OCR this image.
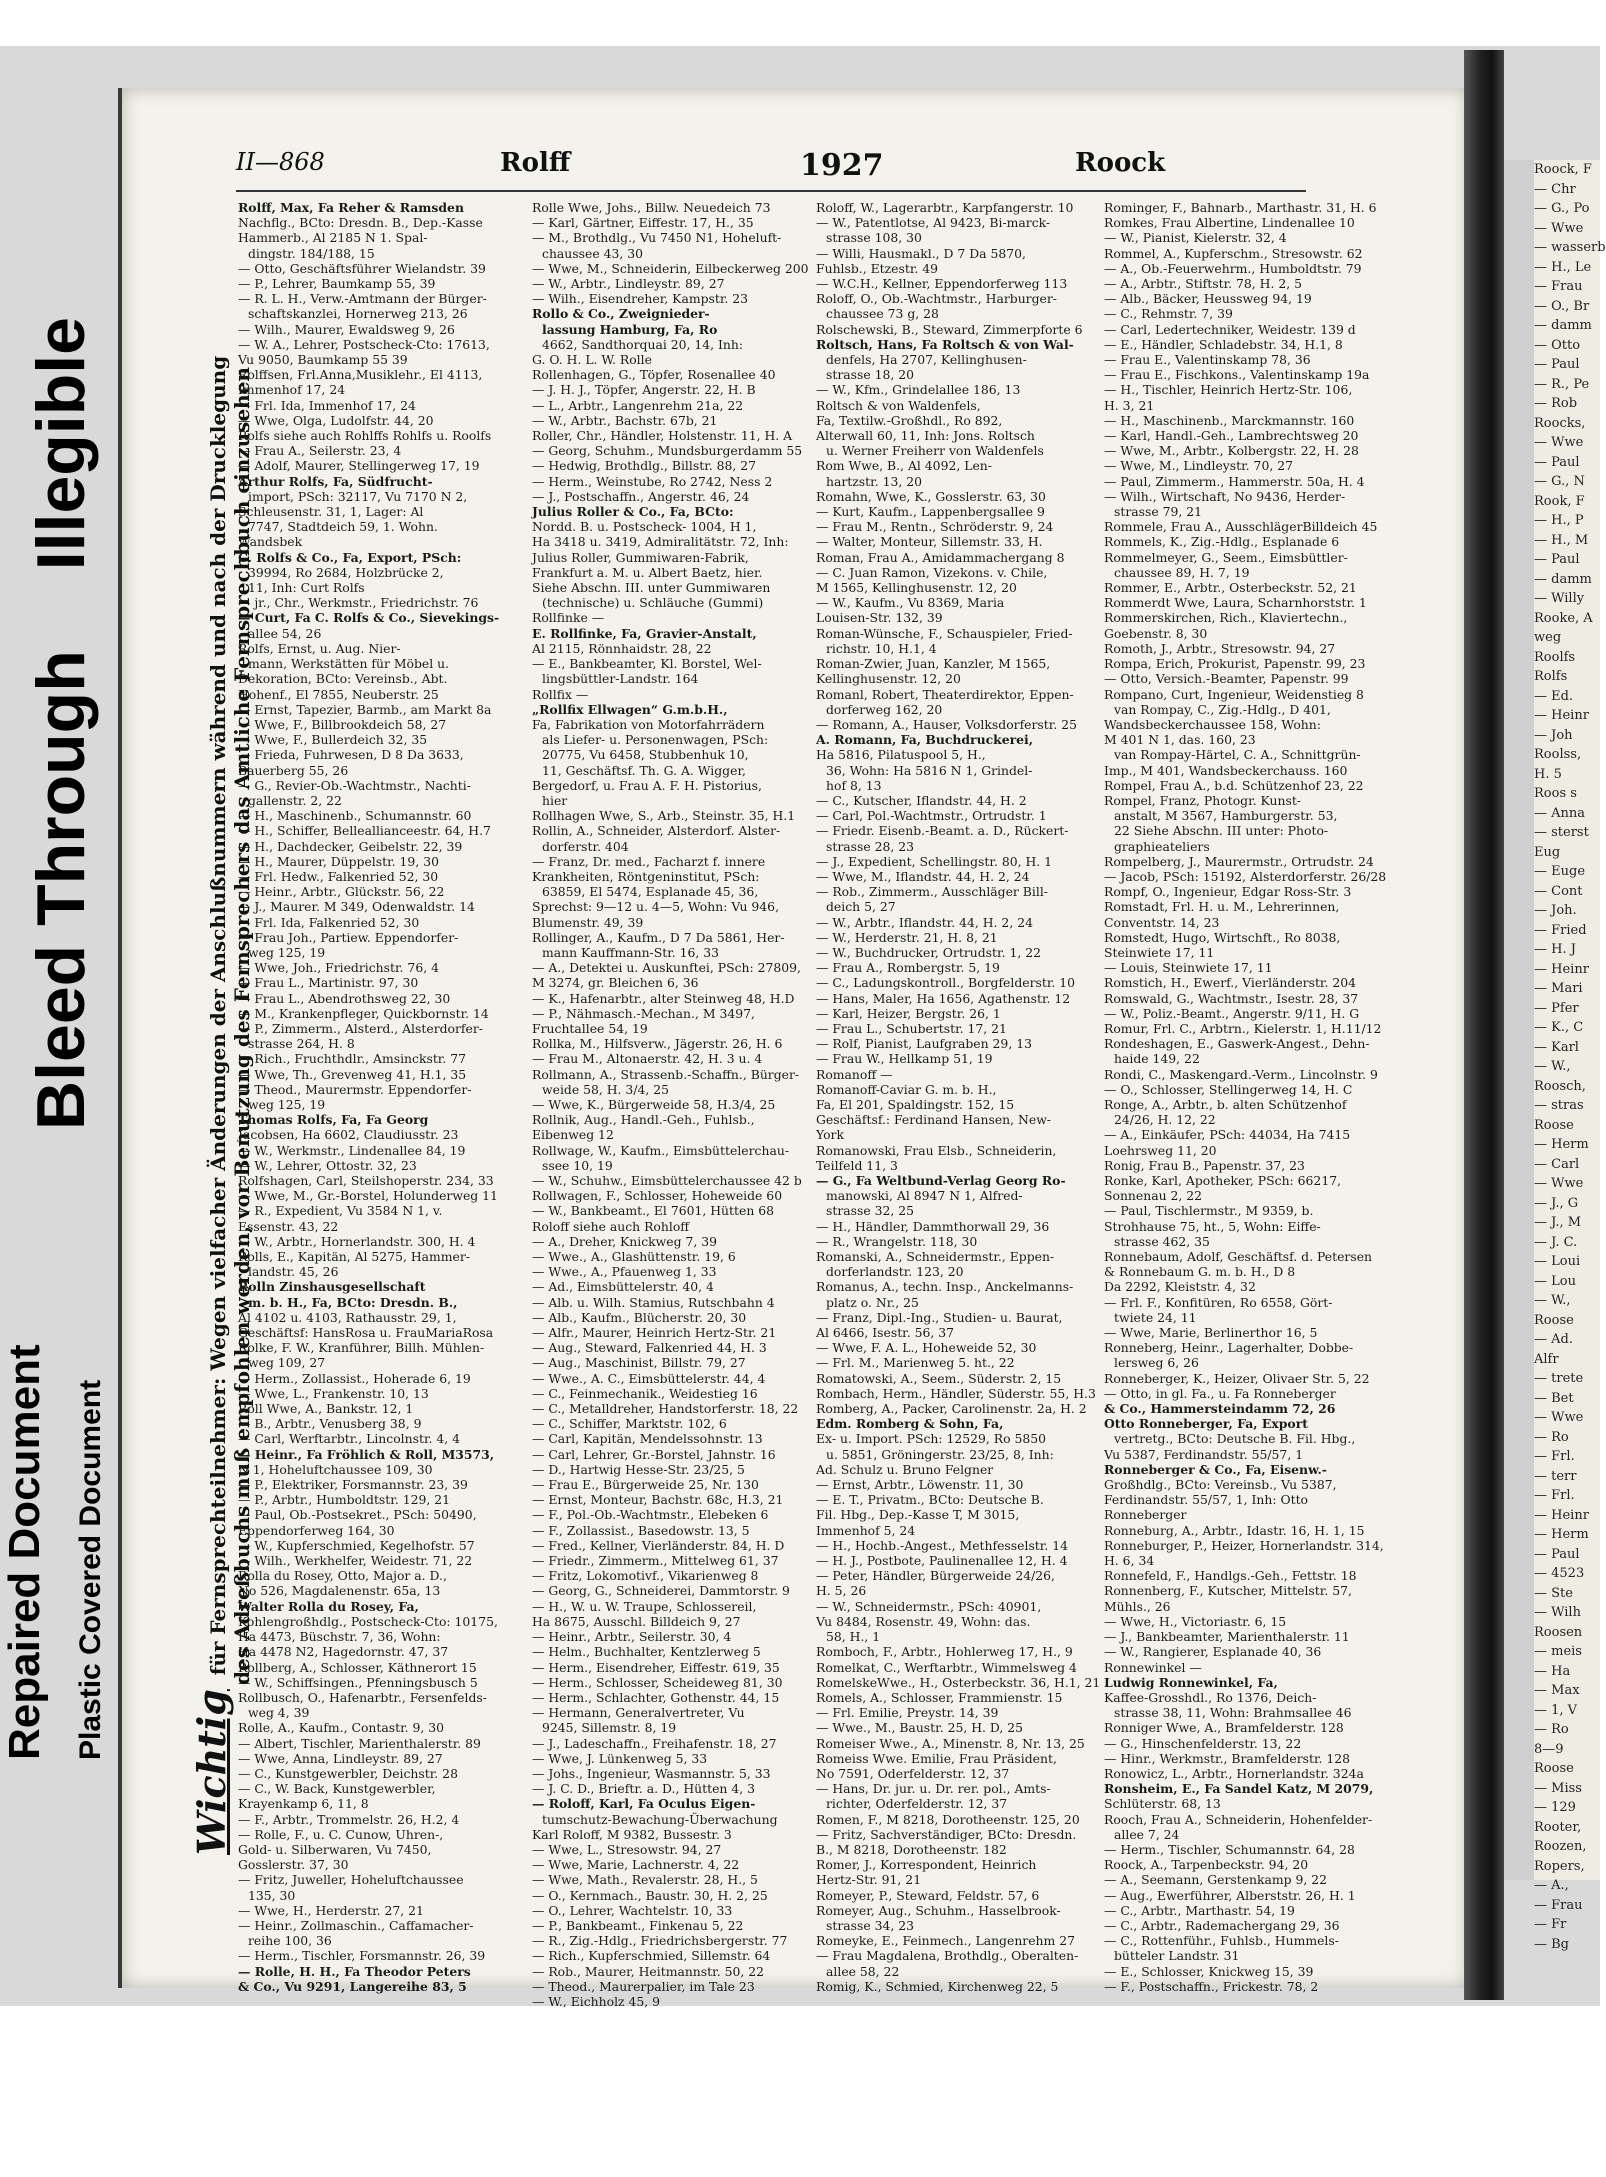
Repaired Document Plastic Covered Document
Bleed ThroughIllegible
Roock, F
— Chr
— G., Po
— Wwe
— wasserb
— H., Le
— Frau
— O., Br
— damm
— Otto
— Paul
— R., Pe
— Rob
Roocks,
— Wwe
— Paul
— G., N
Rook, F
— H., P
— H., M
— Paul
— damm
— Willy
Rooke, A
weg
Roolfs
Rolfs
— Ed.
— Heinr
— Joh
Roolss,
H. 5
Roos s
— Anna
— sterst
Eug
— Euge
— Cont
— Joh.
— Fried
— H. J
— Heinr
— Mari
— Pfer
— K., C
— Karl
— W.,
Roosch,
— stras
Roose
— Herm
— Carl
— Wwe
— J., G
— J., M
— J. C.
— Loui
— Lou
— W.,
Roose
— Ad.
Alfr
— trete
— Bet
— Wwe
— Ro
— Frl.
— terr
— Frl.
— Heinr
— Herm
— Paul
— 4523
— Ste
— Wilh
Roosen
— meis
— Ha
— Max
— 1, V
— Ro
8—9
Roose
— Miss
— 129
Rooter,
Roozen,
Ropers,
— A.,
— Frau
— Fr
— Bg
II—868	Rolff	1927	Roock
Wichtigfür Fernsprechteilnehmer: Wegen vielfacher Änderungen der Anschlußnummern während und nach der Drucklegung
des Adreßbuchs muß empfohlen werden, vor Benutzung des Fernsprechers das Amtliche Fernsprechbuch einzusehen
Rolff, Max, Fa Reher & Ramsden
Nachflg., BCto: Dresdn. B., Dep.-Kasse
Hammerb., Al 2185 N 1. Spal-
dingstr. 184/188, 15
— Otto, Geschäftsführer Wielandstr. 39
— P., Lehrer, Baumkamp 55, 39
— R. L. H., Verw.-Amtmann der Bürger-
schaftskanzlei, Hornerweg 213, 26
— Wilh., Maurer, Ewaldsweg 9, 26
— W. A., Lehrer, Postscheck-Cto: 17613,
Vu 9050, Baumkamp 55 39
Rolffsen, Frl.Anna,Musiklehr., El 4113,
Immenhof 17, 24
— Frl. Ida, Immenhof 17, 24
— Wwe, Olga, Ludolfstr. 44, 20
Rolfs siehe auch Rohlffs Rohlfs u. Roolfs
— Frau A., Seilerstr. 23, 4
— Adolf, Maurer, Stellingerweg 17, 19
Arthur Rolfs, Fa, Südfrucht-
import, PSch: 32117, Vu 7170 N 2,
Schleusenstr. 31, 1, Lager: Al
7747, Stadtdeich 59, 1. Wohn.
Wandsbek
C. Rolfs & Co., Fa, Export, PSch:
39994, Ro 2684, Holzbrücke 2,
11, Inh: Curt Rolfs
— jr., Chr., Werkmstr., Friedrichstr. 76
— Curt, Fa C. Rolfs & Co., Sievekings-
allee 54, 26
Rolfs, Ernst, u. Aug. Nier-
mann, Werkstätten für Möbel u.
Dekoration, BCto: Vereinsb., Abt.
Hohenf., El 7855, Neuberstr. 25
— Ernst, Tapezier, Barmb., am Markt 8a
— Wwe, F., Billbrookdeich 58, 27
— Wwe, F., Bullerdeich 32, 35
— Frieda, Fuhrwesen, D 8 Da 3633,
Bauerberg 55, 26
— G., Revier-Ob.-Wachtmstr., Nachti-
gallenstr. 2, 22
— H., Maschinenb., Schumannstr. 60
— H., Schiffer, Belleallianceestr. 64, H.7
— H., Dachdecker, Geibelstr. 22, 39
— H., Maurer, Düppelstr. 19, 30
— Frl. Hedw., Falkenried 52, 30
— Heinr., Arbtr., Glückstr. 56, 22
— J., Maurer. M 349, Odenwaldstr. 14
— Frl. Ida, Falkenried 52, 30
— Frau Joh., Partiew. Eppendorfer-
weg 125, 19
— Wwe, Joh., Friedrichstr. 76, 4
— Frau L., Martinistr. 97, 30
— Frau L., Abendrothsweg 22, 30
— M., Krankenpfleger, Quickbornstr. 14
— P., Zimmerm., Alsterd., Alsterdorfer-
strasse 264, H. 8
— Rich., Fruchthdlr., Amsinckstr. 77
— Wwe, Th., Grevenweg 41, H.1, 35
— Theod., Maurermstr. Eppendorfer-
weg 125, 19
Thomas Rolfs, Fa, Fa Georg
Jacobsen, Ha 6602, Claudiusstr. 23
— W., Werkmstr., Lindenallee 84, 19
— W., Lehrer, Ottostr. 32, 23
Rolfshagen, Carl, Steilshoperstr. 234, 33
— Wwe, M., Gr.-Borstel, Holunderweg 11
— R., Expedient, Vu 3584 N 1, v.
Essenstr. 43, 22
— W., Arbtr., Hornerlandstr. 300, H. 4
Rolls, E., Kapitän, Al 5275, Hammer-
landstr. 45, 26
Rolln Zinshausgesellschaft
m. b. H., Fa, BCto: Dresdn. B.,
Al 4102 u. 4103, Rathausstr. 29, 1,
Geschäftsf: HansRosa u. FrauMariaRosa
Rolke, F. W., Kranführer, Billh. Mühlen-
weg 109, 27
— Herm., Zollassist., Hoherade 6, 19
— Wwe, L., Frankenstr. 10, 13
Roll Wwe, A., Bankstr. 12, 1
— B., Arbtr., Venusberg 38, 9
— Carl, Werftarbtr., Lincolnstr. 4, 4
— Heinr., Fa Fröhlich & Roll, M3573,
N 1, Hoheluftchaussee 109, 30
— P., Elektriker, Forsmannstr. 23, 39
— P., Arbtr., Humboldtstr. 129, 21
— Paul, Ob.-Postsekret., PSch: 50490,
Eppendorferweg 164, 30
— W., Kupferschmied, Kegelhofstr. 57
— Wilh., Werkhelfer, Weidestr. 71, 22
Rolla du Rosey, Otto, Major a. D.,
No 526, Magdalenenstr. 65a, 13
Walter Rolla du Rosey, Fa,
Kohlengroßhdlg., Postscheck-Cto: 10175,
Ha 4473, Büschstr. 7, 36, Wohn:
Ha 4478 N2, Hagedornstr. 47, 37
Rollberg, A., Schlosser, Käthnerort 15
— W., Schiffsingen., Pfenningsbusch 5
Rollbusch, O., Hafenarbtr., Fersenfelds-
weg 4, 39
Rolle, A., Kaufm., Contastr. 9, 30
— Albert, Tischler, Marienthalerstr. 89
— Wwe, Anna, Lindleystr. 89, 27
— C., Kunstgewerbler, Deichstr. 28
— C., W. Back, Kunstgewerbler,
Krayenkamp 6, 11, 8
— F., Arbtr., Trommelstr. 26, H.2, 4
— Rolle, F., u. C. Cunow, Uhren-,
Gold- u. Silberwaren, Vu 7450,
Gosslerstr. 37, 30
— Fritz, Juweller, Hoheluftchaussee
135, 30
— Wwe, H., Herderstr. 27, 21
— Heinr., Zollmaschin., Caffamacher-
reihe 100, 36
— Herm., Tischler, Forsmannstr. 26, 39
— Rolle, H. H., Fa Theodor Peters
& Co., Vu 9291, Langereihe 83, 5
Rolle Wwe, Johs., Billw. Neuedeich 73
— Karl, Gärtner, Eiffestr. 17, H., 35
— M., Brothdlg., Vu 7450 N1, Hoheluft-
chaussee 43, 30
— Wwe, M., Schneiderin, Eilbeckerweg 200
— W., Arbtr., Lindleystr. 89, 27
— Wilh., Eisendreher, Kampstr. 23
Rollo & Co., Zweignieder-
lassung Hamburg, Fa, Ro
4662, Sandthorquai 20, 14, Inh:
G. O. H. L. W. Rolle
Rollenhagen, G., Töpfer, Rosenallee 40
— J. H. J., Töpfer, Angerstr. 22, H. B
— L., Arbtr., Langenrehm 21a, 22
— W., Arbtr., Bachstr. 67b, 21
Roller, Chr., Händler, Holstenstr. 11, H. A
— Georg, Schuhm., Mundsburgerdamm 55
— Hedwig, Brothdlg., Billstr. 88, 27
— Herm., Weinstube, Ro 2742, Ness 2
— J., Postschaffn., Angerstr. 46, 24
Julius Roller & Co., Fa, BCto:
Nordd. B. u. Postscheck- 1004, H 1,
Ha 3418 u. 3419, Admiralitätstr. 72, Inh:
Julius Roller, Gummiwaren-Fabrik,
Frankfurt a. M. u. Albert Baetz, hier.
Siehe Abschn. III. unter Gummiwaren
(technische) u. Schläuche (Gummi)
Rollfinke —
E. Rollfinke, Fa, Gravier-Anstalt,
Al 2115, Rönnhaidstr. 28, 22
— E., Bankbeamter, Kl. Borstel, Wel-
lingsbüttler-Landstr. 164
Rollfix —
„Rollfix Ellwagen“ G.m.b.H.,
Fa, Fabrikation von Motorfahrrädern
als Liefer- u. Personenwagen, PSch:
20775, Vu 6458, Stubbenhuk 10,
11, Geschäftsf. Th. G. A. Wigger,
Bergedorf, u. Frau A. F. H. Pistorius,
hier
Rollhagen Wwe, S., Arb., Steinstr. 35, H.1
Rollin, A., Schneider, Alsterdorf. Alster-
dorferstr. 404
— Franz, Dr. med., Facharzt f. innere
Krankheiten, Röntgeninstitut, PSch:
63859, El 5474, Esplanade 45, 36,
Sprechst: 9—12 u. 4—5, Wohn: Vu 946,
Blumenstr. 49, 39
Rollinger, A., Kaufm., D 7 Da 5861, Her-
mann Kauffmann-Str. 16, 33
— A., Detektei u. Auskunftei, PSch: 27809,
M 3274, gr. Bleichen 6, 36
— K., Hafenarbtr., alter Steinweg 48, H.D
— P., Nähmasch.-Mechan., M 3497,
Fruchtallee 54, 19
Rollka, M., Hilfsverw., Jägerstr. 26, H. 6
— Frau M., Altonaerstr. 42, H. 3 u. 4
Rollmann, A., Strassenb.-Schaffn., Bürger-
weide 58, H. 3/4, 25
— Wwe, K., Bürgerweide 58, H.3/4, 25
Rollnik, Aug., Handl.-Geh., Fuhlsb.,
Eibenweg 12
Rollwage, W., Kaufm., Eimsbüttelerchau-
ssee 10, 19
— W., Schuhw., Eimsbüttelerchaussee 42 b
Rollwagen, F., Schlosser, Hoheweide 60
— W., Bankbeamt., El 7601, Hütten 68
Roloff siehe auch Rohloff
— A., Dreher, Knickweg 7, 39
— Wwe., A., Glashüttenstr. 19, 6
— Wwe., A., Pfauenweg 1, 33
— Ad., Eimsbüttelerstr. 40, 4
— Alb. u. Wilh. Stamius, Rutschbahn 4
— Alb., Kaufm., Blücherstr. 20, 30
— Alfr., Maurer, Heinrich Hertz-Str. 21
— Aug., Steward, Falkenried 44, H. 3
— Aug., Maschinist, Billstr. 79, 27
— Wwe., A. C., Eimsbüttelerstr. 44, 4
— C., Feinmechanik., Weidestieg 16
— C., Metalldreher, Handstorferstr. 18, 22
— C., Schiffer, Marktstr. 102, 6
— Carl, Kapitän, Mendelssohnstr. 13
— Carl, Lehrer, Gr.-Borstel, Jahnstr. 16
— D., Hartwig Hesse-Str. 23/25, 5
— Frau E., Bürgerweide 25, Nr. 130
— Ernst, Monteur, Bachstr. 68c, H.3, 21
— F., Pol.-Ob.-Wachtmstr., Elebeken 6
— F., Zollassist., Basedowstr. 13, 5
— Fred., Kellner, Vierländerstr. 84, H. D
— Friedr., Zimmerm., Mittelweg 61, 37
— Fritz, Lokomotivf., Vikarienweg 8
— Georg, G., Schneiderei, Dammtorstr. 9
— H., W. u. W. Traupe, Schlossereil,
Ha 8675, Ausschl. Billdeich 9, 27
— Heinr., Arbtr., Seilerstr. 30, 4
— Helm., Buchhalter, Kentzlerweg 5
— Herm., Eisendreher, Eiffestr. 619, 35
— Herm., Schlosser, Scheideweg 81, 30
— Herm., Schlachter, Gothenstr. 44, 15
— Hermann, Generalvertreter, Vu
9245, Sillemstr. 8, 19
— J., Ladeschaffn., Freihafenstr. 18, 27
— Wwe, J. Lünkenweg 5, 33
— Johs., Ingenieur, Wasmannstr. 5, 33
— J. C. D., Brieftr. a. D., Hütten 4, 3
— Roloff, Karl, Fa Oculus Eigen-
tumschutz-Bewachung-Überwachung
Karl Roloff, M 9382, Bussestr. 3
— Wwe, L., Stresowstr. 94, 27
— Wwe, Marie, Lachnerstr. 4, 22
— Wwe, Math., Revalerstr. 28, H., 5
— O., Kernmach., Baustr. 30, H. 2, 25
— O., Lehrer, Wachtelstr. 10, 33
— P., Bankbeamt., Finkenau 5, 22
— R., Zig.-Hdlg., Friedrichsbergerstr. 77
— Rich., Kupferschmied, Sillemstr. 64
— Rob., Maurer, Heitmannstr. 50, 22
— Theod., Maurerpalier, im Tale 23
— W., Eichholz 45, 9
Roloff, W., Lagerarbtr., Karpfangerstr. 10
— W., Patentlotse, Al 9423, Bi-marck-
strasse 108, 30
— Willi, Hausmakl., D 7 Da 5870,
Fuhlsb., Etzestr. 49
— W.C.H., Kellner, Eppendorferweg 113
Roloff, O., Ob.-Wachtmstr., Harburger-
chaussee 73 g, 28
Rolschewski, B., Steward, Zimmerpforte 6
Roltsch, Hans, Fa Roltsch & von Wal-
denfels, Ha 2707, Kellinghusen-
strasse 18, 20
— W., Kfm., Grindelallee 186, 13
Roltsch & von Waldenfels,
Fa, Textilw.-Großhdl., Ro 892,
Alterwall 60, 11, Inh: Jons. Roltsch
u. Werner Freiherr von Waldenfels
Rom Wwe, B., Al 4092, Len-
hartzstr. 13, 20
Romahn, Wwe, K., Gosslerstr. 63, 30
— Kurt, Kaufm., Lappenbergsallee 9
— Frau M., Rentn., Schröderstr. 9, 24
— Walter, Monteur, Sillemstr. 33, H.
Roman, Frau A., Amidammachergang 8
— C. Juan Ramon, Vizekons. v. Chile,
M 1565, Kellinghusenstr. 12, 20
— W., Kaufm., Vu 8369, Maria
Louisen-Str. 132, 39
Roman-Wünsche, F., Schauspieler, Fried-
richstr. 10, H.1, 4
Roman-Zwier, Juan, Kanzler, M 1565,
Kellinghusenstr. 12, 20
Romanl, Robert, Theaterdirektor, Eppen-
dorferweg 162, 20
— Romann, A., Hauser, Volksdorferstr. 25
A. Romann, Fa, Buchdruckerei,
Ha 5816, Pilatuspool 5, H.,
36, Wohn: Ha 5816 N 1, Grindel-
hof 8, 13
— C., Kutscher, Iflandstr. 44, H. 2
— Carl, Pol.-Wachtmstr., Ortrudstr. 1
— Friedr. Eisenb.-Beamt. a. D., Rückert-
strasse 28, 23
— J., Expedient, Schellingstr. 80, H. 1
— Wwe, M., Iflandstr. 44, H. 2, 24
— Rob., Zimmerm., Ausschläger Bill-
deich 5, 27
— W., Arbtr., Iflandstr. 44, H. 2, 24
— W., Herderstr. 21, H. 8, 21
— W., Buchdrucker, Ortrudstr. 1, 22
— Frau A., Rombergstr. 5, 19
— C., Ladungskontroll., Borgfelderstr. 10
— Hans, Maler, Ha 1656, Agathenstr. 12
— Karl, Heizer, Bergstr. 26, 1
— Frau L., Schubertstr. 17, 21
— Rolf, Pianist, Laufgraben 29, 13
— Frau W., Hellkamp 51, 19
Romanoff —
Romanoff-Caviar G. m. b. H.,
Fa, El 201, Spaldingstr. 152, 15
Geschäftsf.: Ferdinand Hansen, New-
York
Romanowski, Frau Elsb., Schneiderin,
Teilfeld 11, 3
— G., Fa Weltbund-Verlag Georg Ro-
manowski, Al 8947 N 1, Alfred-
strasse 32, 25
— H., Händler, Dammthorwall 29, 36
— R., Wrangelstr. 118, 30
Romanski, A., Schneidermstr., Eppen-
dorferlandstr. 123, 20
Romanus, A., techn. Insp., Anckelmanns-
platz o. Nr., 25
— Franz, Dipl.-Ing., Studien- u. Baurat,
Al 6466, Isestr. 56, 37
— Wwe, F. A. L., Hoheweide 52, 30
— Frl. M., Marienweg 5. ht., 22
Romatowski, A., Seem., Süderstr. 2, 15
Rombach, Herm., Händler, Süderstr. 55, H.3
Romberg, A., Packer, Carolinenstr. 2a, H. 2
Edm. Romberg & Sohn, Fa,
Ex- u. Import. PSch: 12529, Ro 5850
u. 5851, Gröningerstr. 23/25, 8, Inh:
Ad. Schulz u. Bruno Felgner
— Ernst, Arbtr., Löwenstr. 11, 30
— E. T., Privatm., BCto: Deutsche B.
Fil. Hbg., Dep.-Kasse T, M 3015,
Immenhof 5, 24
— H., Hochb.-Angest., Methfesselstr. 14
— H. J., Postbote, Paulinenallee 12, H. 4
— Peter, Händler, Bürgerweide 24/26,
H. 5, 26
— W., Schneidermstr., PSch: 40901,
Vu 8484, Rosenstr. 49, Wohn: das.
58, H., 1
Romboch, F., Arbtr., Hohlerweg 17, H., 9
Romelkat, C., Werftarbtr., Wimmelsweg 4
RomelskeWwe., H., Osterbeckstr. 36, H.1, 21
Romels, A., Schlosser, Frammienstr. 15
— Frl. Emilie, Preystr. 14, 39
— Wwe., M., Baustr. 25, H. D, 25
Romeiser Wwe., A., Minenstr. 8, Nr. 13, 25
Romeiss Wwe. Emilie, Frau Präsident,
No 7591, Oderfelderstr. 12, 37
— Hans, Dr. jur. u. Dr. rer. pol., Amts-
richter, Oderfelderstr. 12, 37
Romen, F., M 8218, Dorotheenstr. 125, 20
— Fritz, Sachverständiger, BCto: Dresdn.
B., M 8218, Dorotheenstr. 182
Romer, J., Korrespondent, Heinrich
Hertz-Str. 91, 21
Romeyer, P., Steward, Feldstr. 57, 6
Romeyer, Aug., Schuhm., Hasselbrook-
strasse 34, 23
Romeyke, E., Feinmech., Langenrehm 27
— Frau Magdalena, Brothdlg., Oberalten-
allee 58, 22
Romig, K., Schmied, Kirchenweg 22, 5
Rominger, F., Bahnarb., Marthastr. 31, H. 6
Romkes, Frau Albertine, Lindenallee 10
— W., Pianist, Kielerstr. 32, 4
Rommel, A., Kupferschm., Stresowstr. 62
— A., Ob.-Feuerwehrm., Humboldtstr. 79
— A., Arbtr., Stiftstr. 78, H. 2, 5
— Alb., Bäcker, Heussweg 94, 19
— C., Rehmstr. 7, 39
— Carl, Ledertechniker, Weidestr. 139 d
— E., Händler, Schladebstr. 34, H.1, 8
— Frau E., Valentinskamp 78, 36
— Frau E., Fischkons., Valentinskamp 19a
— H., Tischler, Heinrich Hertz-Str. 106,
H. 3, 21
— H., Maschinenb., Marckmannstr. 160
— Karl, Handl.-Geh., Lambrechtsweg 20
— Wwe, M., Arbtr., Kolbergstr. 22, H. 28
— Wwe, M., Lindleystr. 70, 27
— Paul, Zimmerm., Hammerstr. 50a, H. 4
— Wilh., Wirtschaft, No 9436, Herder-
strasse 79, 21
Rommele, Frau A., AusschlägerBilldeich 45
Rommels, K., Zig.-Hdlg., Esplanade 6
Rommelmeyer, G., Seem., Eimsbüttler-
chaussee 89, H. 7, 19
Rommer, E., Arbtr., Osterbeckstr. 52, 21
Rommerdt Wwe, Laura, Scharnhorststr. 1
Rommerskirchen, Rich., Klaviertechn.,
Goebenstr. 8, 30
Romoth, J., Arbtr., Stresowstr. 94, 27
Rompa, Erich, Prokurist, Papenstr. 99, 23
— Otto, Versich.-Beamter, Papenstr. 99
Rompano, Curt, Ingenieur, Weidenstieg 8
van Rompay, C., Zig.-Hdlg., D 401,
Wandsbeckerchaussee 158, Wohn:
M 401 N 1, das. 160, 23
van Rompay-Härtel, C. A., Schnittgrün-
Imp., M 401, Wandsbeckerchauss. 160
Rompel, Frau A., b.d. Schützenhof 23, 22
Rompel, Franz, Photogr. Kunst-
anstalt, M 3567, Hamburgerstr. 53,
22 Siehe Abschn. III unter: Photo-
graphieateliers
Rompelberg, J., Maurermstr., Ortrudstr. 24
— Jacob, PSch: 15192, Alsterdorferstr. 26/28
Rompf, O., Ingenieur, Edgar Ross-Str. 3
Romstadt, Frl. H. u. M., Lehrerinnen,
Conventstr. 14, 23
Romstedt, Hugo, Wirtschft., Ro 8038,
Steinwiete 17, 11
— Louis, Steinwiete 17, 11
Romstich, H., Ewerf., Vierländerstr. 204
Romswald, G., Wachtmstr., Isestr. 28, 37
— W., Poliz.-Beamt., Angerstr. 9/11, H. G
Romur, Frl. C., Arbtrn., Kielerstr. 1, H.11/12
Rondeshagen, E., Gaswerk-Angest., Dehn-
haide 149, 22
Rondi, C., Maskengard.-Verm., Lincolnstr. 9
— O., Schlosser, Stellingerweg 14, H. C
Ronge, A., Arbtr., b. alten Schützenhof
24/26, H. 12, 22
— A., Einkäufer, PSch: 44034, Ha 7415
Loehrsweg 11, 20
Ronig, Frau B., Papenstr. 37, 23
Ronke, Karl, Apotheker, PSch: 66217,
Sonnenau 2, 22
— Paul, Tischlermstr., M 9359, b.
Strohhause 75, ht., 5, Wohn: Eiffe-
strasse 462, 35
Ronnebaum, Adolf, Geschäftsf. d. Petersen
& Ronnebaum G. m. b. H., D 8
Da 2292, Kleiststr. 4, 32
— Frl. F., Konfitüren, Ro 6558, Gört-
twiete 24, 11
— Wwe, Marie, Berlinerthor 16, 5
Ronneberg, Heinr., Lagerhalter, Dobbe-
lersweg 6, 26
Ronneberger, K., Heizer, Olivaer Str. 5, 22
— Otto, in gl. Fa., u. Fa Ronneberger
& Co., Hammersteindamm 72, 26
Otto Ronneberger, Fa, Export
vertretg., BCto: Deutsche B. Fil. Hbg.,
Vu 5387, Ferdinandstr. 55/57, 1
Ronneberger & Co., Fa, Eisenw.-
Großhdlg., BCto: Vereinsb., Vu 5387,
Ferdinandstr. 55/57, 1, Inh: Otto
Ronneberger
Ronneburg, A., Arbtr., Idastr. 16, H. 1, 15
Ronneburger, P., Heizer, Hornerlandstr. 314,
H. 6, 34
Ronnefeld, F., Handlgs.-Geh., Fettstr. 18
Ronnenberg, F., Kutscher, Mittelstr. 57,
Mühls., 26
— Wwe, H., Victoriastr. 6, 15
— J., Bankbeamter, Marienthalerstr. 11
— W., Rangierer, Esplanade 40, 36
Ronnewinkel —
Ludwig Ronnewinkel, Fa,
Kaffee-Grosshdl., Ro 1376, Deich-
strasse 38, 11, Wohn: Brahmsallee 46
Ronniger Wwe, A., Bramfelderstr. 128
— G., Hinschenfelderstr. 13, 22
— Hinr., Werkmstr., Bramfelderstr. 128
Ronowicz, L., Arbtr., Hornerlandstr. 324a
Ronsheim, E., Fa Sandel Katz, M 2079,
Schlüterstr. 68, 13
Rooch, Frau A., Schneiderin, Hohenfelder-
allee 7, 24
— Herm., Tischler, Schumannstr. 64, 28
Roock, A., Tarpenbeckstr. 94, 20
— A., Seemann, Gerstenkamp 9, 22
— Aug., Ewerführer, Alberststr. 26, H. 1
— C., Arbtr., Marthastr. 54, 19
— C., Arbtr., Rademachergang 29, 36
— C., Rottenführ., Fuhlsb., Hummels-
bütteler Landstr. 31
— E., Schlosser, Knickweg 15, 39
— F., Postschaffn., Frickestr. 78, 2
